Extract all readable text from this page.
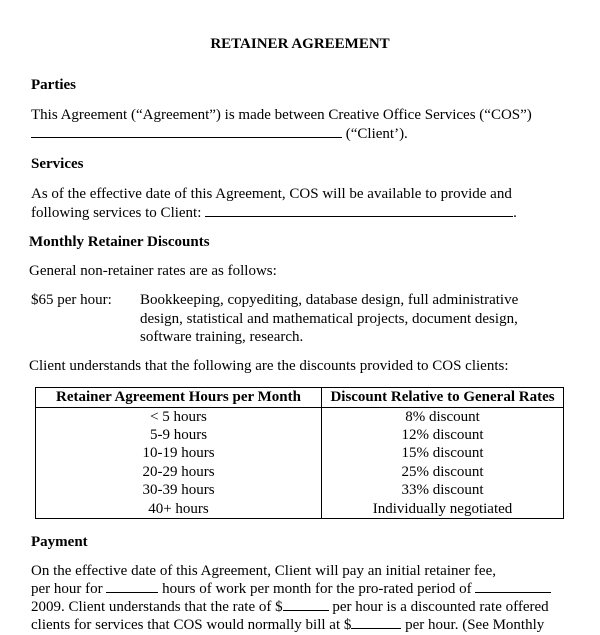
RETAINER AGREEMENT
Parties
This Agreement (“Agreement”) is made between Creative Office Services (“COS”)
(“Client’).
Services
As of the effective date of this Agreement, COS will be available to provide and
following services to Client:	.
Monthly Retainer Discounts
General non-retainer rates are as follows:
$65 per hour: Bookkeeping, copyediting, database design, full administrative
design, statistical and mathematical projects, document design,
software training, research.
Client understands that the following are the discounts provided to COS clients:
Retainer Agreement Hours per Month	Discount Relative to General Rates
< 5 hours	8% discount
5-9 hours	12% discount
10-19 hours	15% discount
20-29 hours	25% discount
30-39 hours	33% discount
40+ hours	Individually negotiated
Payment
On the effective date of this Agreement, Client will pay an initial retainer fee,
per hour for	hours of work per month for the pro-rated period of
2009. Client understands that the rate of $	per hour is a discounted rate offered
clients for services that COS would normally bill at $	per hour. (See Monthly
